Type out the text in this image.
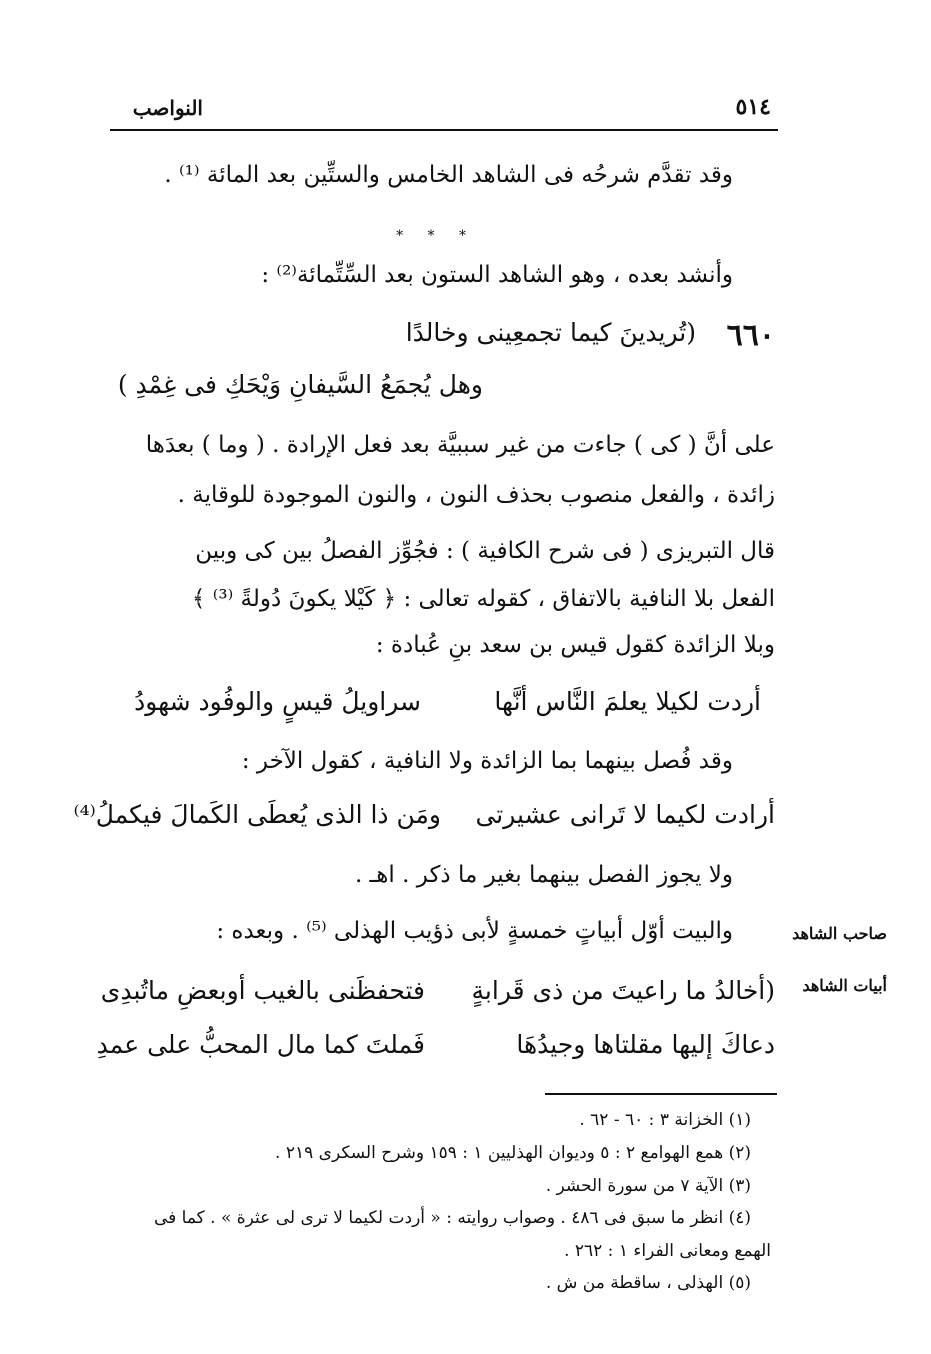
٥١٤
النواصب
وقد تقدَّم شرحُه فى الشاهد الخامس والستِّين بعد المائة ⁽¹⁾ .
* * *
وأنشد بعده ، وهو الشاهد الستون بعد السِّتِّمائة⁽²⁾ :
٦٦٠
(تُريدينَ كيما تجمعِينى وخالدًا
وهل يُجمَعُ السَّيفانِ وَيْحَكِ فى غِمْدِ )
على أنَّ ( كى ) جاءت من غير سببيَّة بعد فعل الإرادة . ( وما ) بعدَها
زائدة ، والفعل منصوب بحذف النون ، والنون الموجودة للوقاية .
قال التبريزى ( فى شرح الكافية ) : فجُوِّز الفصلُ بين كى وبين
الفعل بلا النافية بالاتفاق ، كقوله تعالى : ﴿ كَيْلا يكونَ دُولةً ⁽³⁾ ﴾
وبلا الزائدة كقول قيس بن سعد بنِ عُبادة :
أردت لكيلا يعلمَ النَّاس أنَّها
سراويلُ قيسٍ والوفُود شهودُ
وقد فُصل بينهما بما الزائدة ولا النافية ، كقول الآخر :
أرادت لكيما لا تَرانى عشيرتى
ومَن ذا الذى يُعطَى الكَمالَ فيكملُ⁽⁴⁾
ولا يجوز الفصل بينهما بغير ما ذكر . اهـ .
والبيت أوّل أبياتٍ خمسةٍ لأبى ذؤيب الهذلى ⁽⁵⁾ . وبعده :
(أخالدُ ما راعيتَ من ذى قَرابةٍ
فتحفظَنى بالغيب أوبعضِ ماتُبدِى
دعاكَ إليها مقلتاها وجيدُهَا
فَملتَ كما مال المحبُّ على عمدِ
صاحب الشاهد
أبيات الشاهد
(١) الخزانة ٣ : ٦٠ - ٦٢ .
(٢) همع الهوامع ٢ : ٥ وديوان الهذليين ١ : ١٥٩ وشرح السكرى ٢١٩ .
(٣) الآية ٧ من سورة الحشر .
(٤) انظر ما سبق فى ٤٨٦ . وصواب روايته : « أردت لكيما لا ترى لى عثرة » . كما فى
الهمع ومعانى الفراء ١ : ٢٦٢ .
(٥) الهذلى ، ساقطة من ش .
